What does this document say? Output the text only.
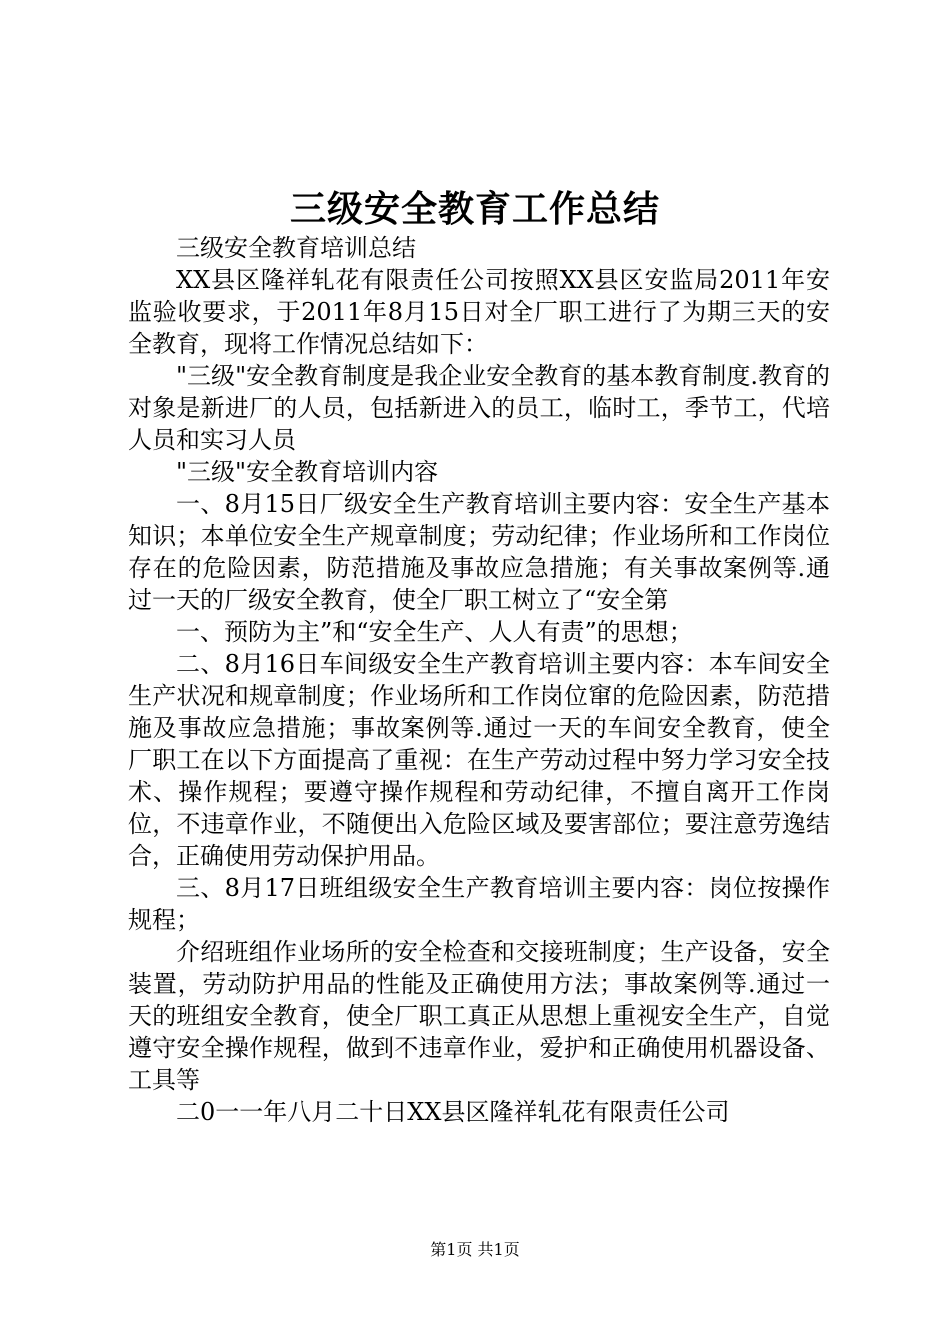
三级安全教育工作总结

三级安全教育培训总结

XX县区隆祥轧花有限责任公司按照XX县区安监局2011年安监验收要求，于2011年8月15日对全厂职工进行了为期三天的安全教育，现将工作情况总结如下：

"三级"安全教育制度是我企业安全教育的基本教育制度.教育的对象是新进厂的人员，包括新进入的员工，临时工，季节工，代培人员和实习人员

"三级"安全教育培训内容

一、8月15日厂级安全生产教育培训主要内容：安全生产基本知识；本单位安全生产规章制度；劳动纪律；作业场所和工作岗位存在的危险因素，防范措施及事故应急措施；有关事故案例等.通过一天的厂级安全教育，使全厂职工树立了“安全第

一、预防为主”和“安全生产、人人有责”的思想；

二、8月16日车间级安全生产教育培训主要内容：本车间安全生产状况和规章制度；作业场所和工作岗位窜的危险因素，防范措施及事故应急措施；事故案例等.通过一天的车间安全教育，使全厂职工在以下方面提高了重视：在生产劳动过程中努力学习安全技术、操作规程；要遵守操作规程和劳动纪律，不擅自离开工作岗位，不违章作业，不随便出入危险区域及要害部位；要注意劳逸结合，正确使用劳动保护用品。

三、8月17日班组级安全生产教育培训主要内容：岗位按操作规程；

介绍班组作业场所的安全检查和交接班制度；生产设备，安全装置，劳动防护用品的性能及正确使用方法；事故案例等.通过一天的班组安全教育，使全厂职工真正从思想上重视安全生产，自觉遵守安全操作规程，做到不违章作业，爱护和正确使用机器设备、工具等

二0一一年八月二十日XX县区隆祥轧花有限责任公司

第1页 共1页
